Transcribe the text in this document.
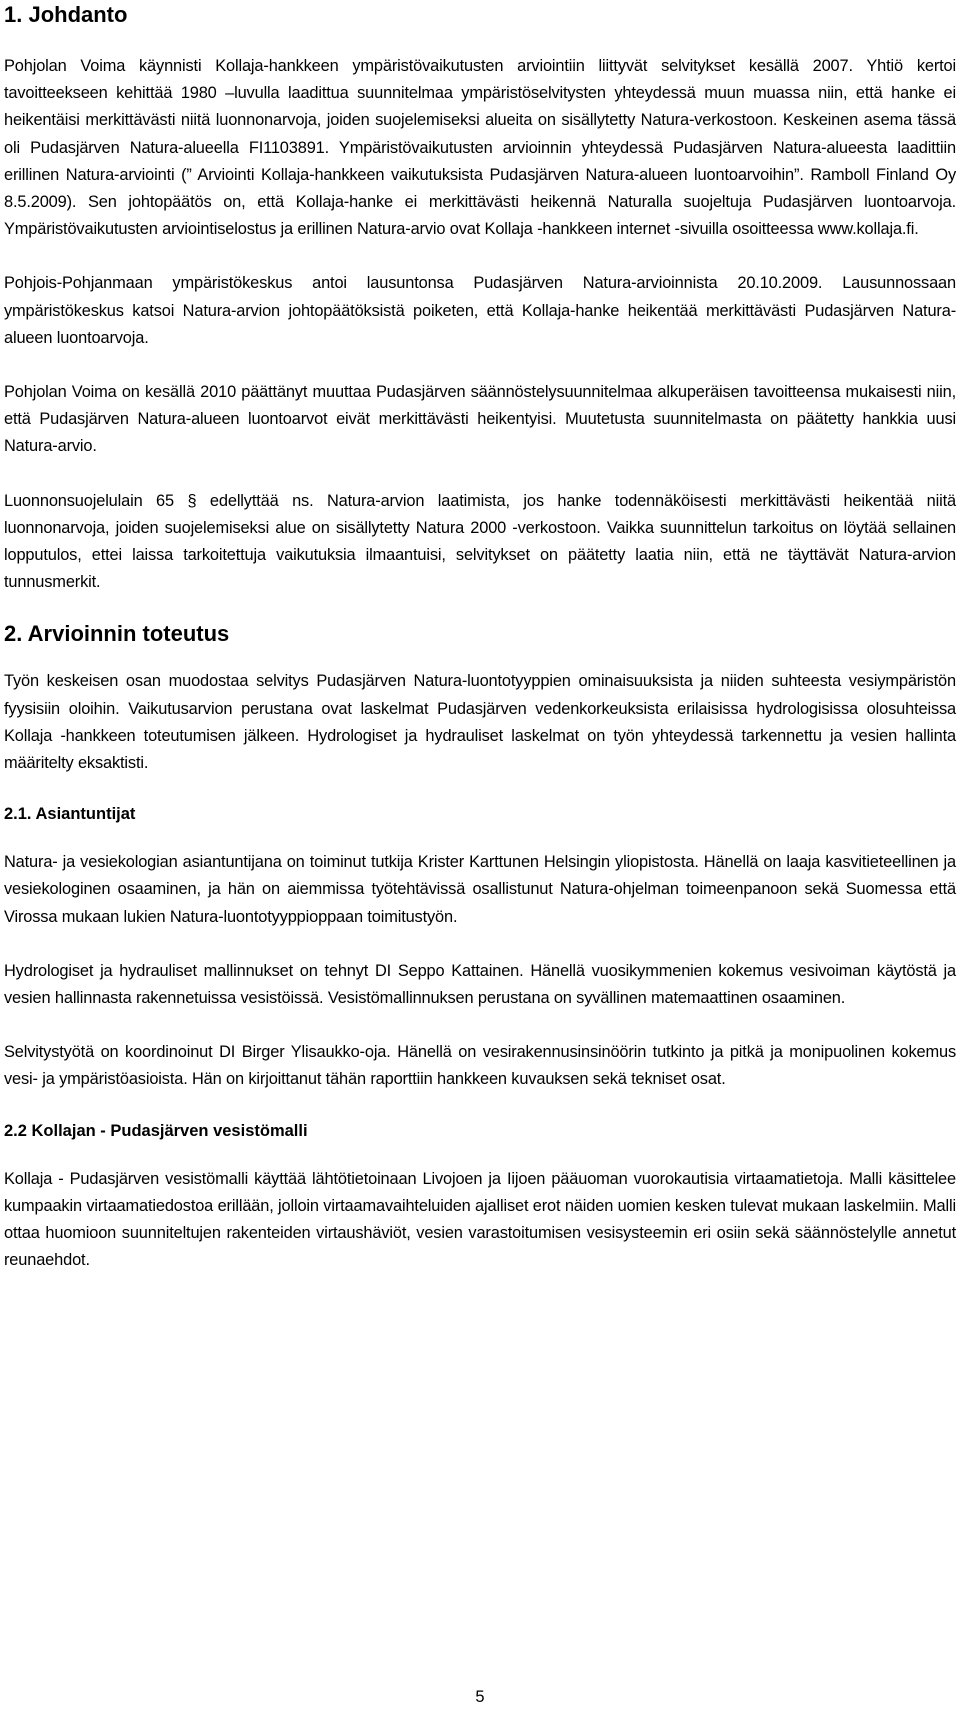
1. Johdanto

Pohjolan Voima käynnisti Kollaja-hankkeen ympäristövaikutusten arviointiin liittyvät selvitykset kesällä 2007. Yhtiö kertoi tavoitteekseen kehittää 1980 –luvulla laadittua suunnitelmaa ympäristöselvitysten yhteydessä muun muassa niin, että hanke ei heikentäisi merkittävästi niitä luonnonarvoja, joiden suojelemiseksi alueita on sisällytetty Natura-verkostoon. Keskeinen asema tässä oli Pudasjärven Natura-alueella FI1103891. Ympäristövaikutusten arvioinnin yhteydessä Pudasjärven Natura-alueesta laadittiin erillinen Natura-arviointi (” Arviointi Kollaja-hankkeen vaikutuksista Pudasjärven Natura-alueen luontoarvoihin”. Ramboll Finland Oy 8.5.2009). Sen johtopäätös on, että Kollaja-hanke ei merkittävästi heikennä Naturalla suojeltuja Pudasjärven luontoarvoja. Ympäristövaikutusten arviointiselostus ja erillinen Natura-arvio ovat Kollaja -hankkeen internet -sivuilla osoitteessa www.kollaja.fi.

Pohjois-Pohjanmaan ympäristökeskus antoi lausuntonsa Pudasjärven Natura-arvioinnista 20.10.2009. Lausunnossaan ympäristökeskus katsoi Natura-arvion johtopäätöksistä poiketen, että Kollaja-hanke heikentää merkittävästi Pudasjärven Natura-alueen luontoarvoja.

Pohjolan Voima on kesällä 2010 päättänyt muuttaa Pudasjärven säännöstelysuunnitelmaa alkuperäisen tavoitteensa mukaisesti niin, että Pudasjärven Natura-alueen luontoarvot eivät merkittävästi heikentyisi. Muutetusta suunnitelmasta on päätetty hankkia uusi Natura-arvio.

Luonnonsuojelulain 65 § edellyttää ns. Natura-arvion laatimista, jos hanke todennäköisesti merkittävästi heikentää niitä luonnonarvoja, joiden suojelemiseksi alue on sisällytetty Natura 2000 -verkostoon. Vaikka suunnittelun tarkoitus on löytää sellainen lopputulos, ettei laissa tarkoitettuja vaikutuksia ilmaantuisi, selvitykset on päätetty laatia niin, että ne täyttävät Natura-arvion tunnusmerkit.

2. Arvioinnin toteutus

Työn keskeisen osan muodostaa selvitys Pudasjärven Natura-luontotyyppien ominaisuuksista ja niiden suhteesta vesiympäristön fyysisiin oloihin. Vaikutusarvion perustana ovat laskelmat Pudasjärven vedenkorkeuksista erilaisissa hydrologisissa olosuhteissa Kollaja -hankkeen toteutumisen jälkeen. Hydrologiset ja hydrauliset laskelmat on työn yhteydessä tarkennettu ja vesien hallinta määritelty eksaktisti.

2.1. Asiantuntijat

Natura- ja vesiekologian asiantuntijana on toiminut tutkija Krister Karttunen Helsingin yliopistosta. Hänellä on laaja kasvitieteellinen ja vesiekologinen osaaminen, ja hän on aiemmissa työtehtävissä osallistunut Natura-ohjelman toimeenpanoon sekä Suomessa että Virossa mukaan lukien Natura-luontotyyppioppaan toimitustyön.

Hydrologiset ja hydrauliset mallinnukset on tehnyt DI Seppo Kattainen. Hänellä vuosikymmenien kokemus vesivoiman käytöstä ja vesien hallinnasta rakennetuissa vesistöissä. Vesistömallinnuksen perustana on syvällinen matemaattinen osaaminen.

Selvitystyötä on koordinoinut DI Birger Ylisaukko-oja. Hänellä on vesirakennusinsinöörin tutkinto ja pitkä ja monipuolinen kokemus vesi- ja ympäristöasioista. Hän on kirjoittanut tähän raporttiin hankkeen kuvauksen sekä tekniset osat.

2.2 Kollajan - Pudasjärven vesistömalli

Kollaja - Pudasjärven vesistömalli käyttää lähtötietoinaan Livojoen ja Iijoen pääuoman vuorokautisia virtaamatietoja. Malli käsittelee kumpaakin virtaamatiedostoa erillään, jolloin virtaamavaihteluiden ajalliset erot näiden uomien kesken tulevat mukaan laskelmiin. Malli ottaa huomioon suunniteltujen rakenteiden virtaushäviöt, vesien varastoitumisen vesisysteemin eri osiin sekä säännöstelylle annetut reunaehdot.

5
